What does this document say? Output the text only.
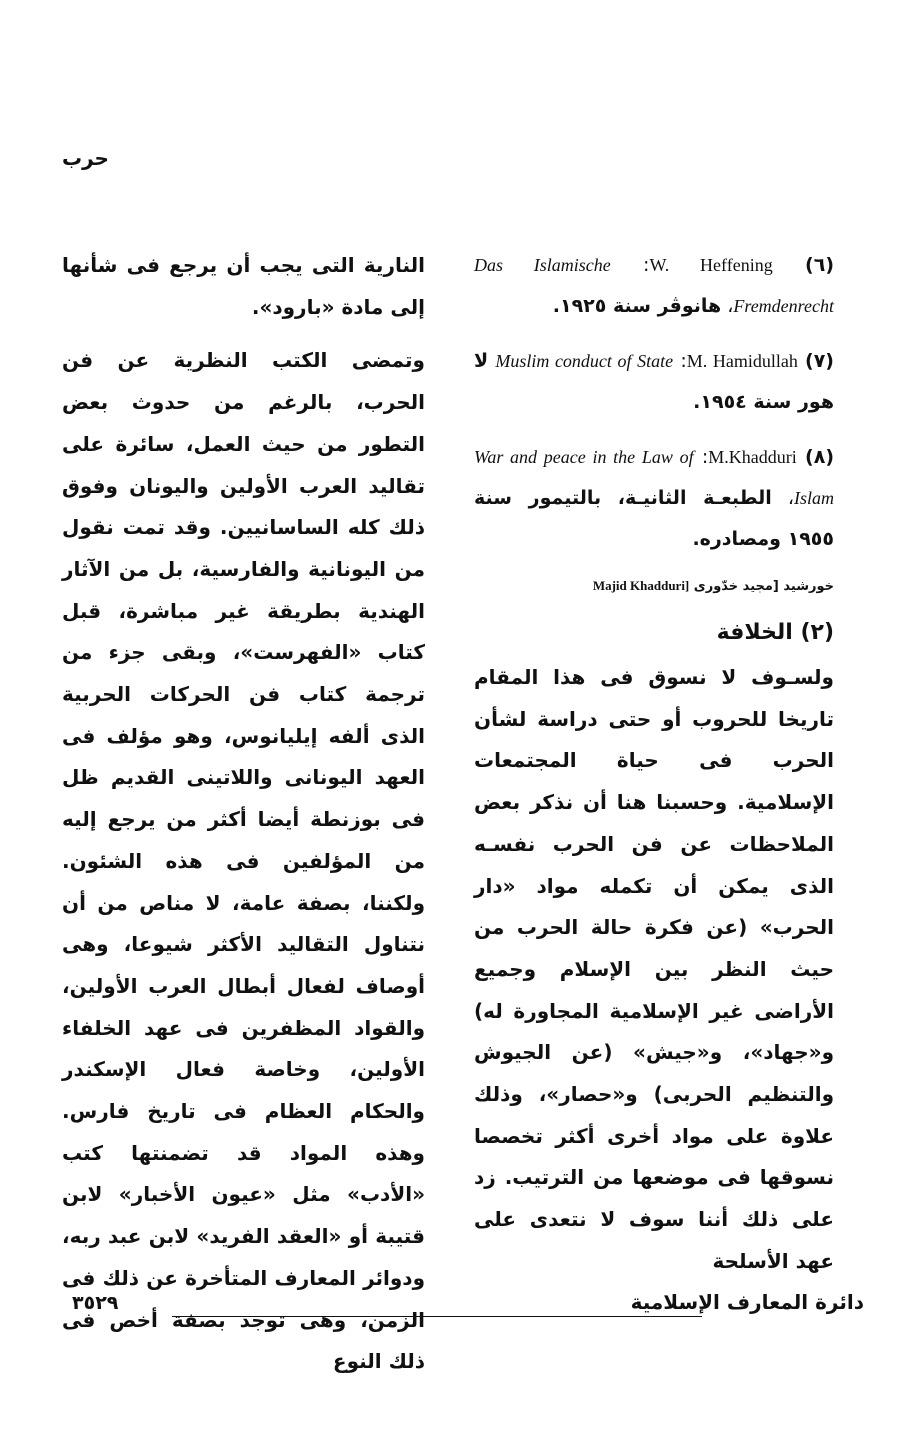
حرب

(٦) W. Heffening: Das Islamische Fremdenrecht، هانوڤر سنة ١٩٢٥.

(٧) M. Hamidullah: Muslim conduct of State لا هور سنة ١٩٥٤.

(٨) M.Khadduri: War and peace in the Law of Islam، الطبعـة الثانيـة، بالتيمور سنة ١٩٥٥ ومصادره.

خورشيد [مجيد خدّورى Majid Khadduri]

(٢) الخلافة

ولسـوف لا نسوق فى هذا المقام تاريخا للحروب أو حتى دراسة لشأن الحرب فى حياة المجتمعات الإسلامية. وحسبنا هنا أن نذكر بعض الملاحظات عن فن الحرب نفسـه الذى يمكن أن تكمله مواد «دار الحرب» (عن فكرة حالة الحرب من حيث النظر بين الإسلام وجميع الأراضى غير الإسلامية المجاورة له) و«جهاد»، و«جيش» (عن الجيوش والتنظيم الحربى) و«حصار»، وذلك علاوة على مواد أخرى أكثر تخصصا نسوقها فى موضعها من الترتيب. زد على ذلك أننا سوف لا نتعدى على عهد الأسلحة

النارية التى يجب أن يرجع فى شأنها إلى مادة «بارود».

وتمضى الكتب النظرية عن فن الحرب، بالرغم من حدوث بعض التطور من حيث العمل، سائرة على تقاليد العرب الأولين واليونان وفوق ذلك كله الساسانيين. وقد تمت نقول من اليونانية والفارسية، بل من الآثار الهندية بطريقة غير مباشرة، قبل كتاب «الفهرست»، وبقى جزء من ترجمة كتاب فن الحركات الحربية الذى ألفه إيليانوس، وهو مؤلف فى العهد اليونانى واللاتينى القديم ظل فى بوزنطة أيضا أكثر من يرجع إليه من المؤلفين فى هذه الشئون. ولكننا، بصفة عامة، لا مناص من أن نتناول التقاليد الأكثر شيوعا، وهى أوصاف لفعال أبطال العرب الأولين، والقواد المظفرين فى عهد الخلفاء الأولين، وخاصة فعال الإسكندر والحكام العظام فى تاريخ فارس. وهذه المواد قد تضمنتها كتب «الأدب» مثل «عيون الأخبار» لابن قتيبة أو «العقد الفريد» لابن عبد ربه، ودوائر المعارف المتأخرة عن ذلك فى الزمن، وهى توجد بصفة أخص فى ذلك النوع

٣٥٢٩	دائرة المعارف الإسلامية
